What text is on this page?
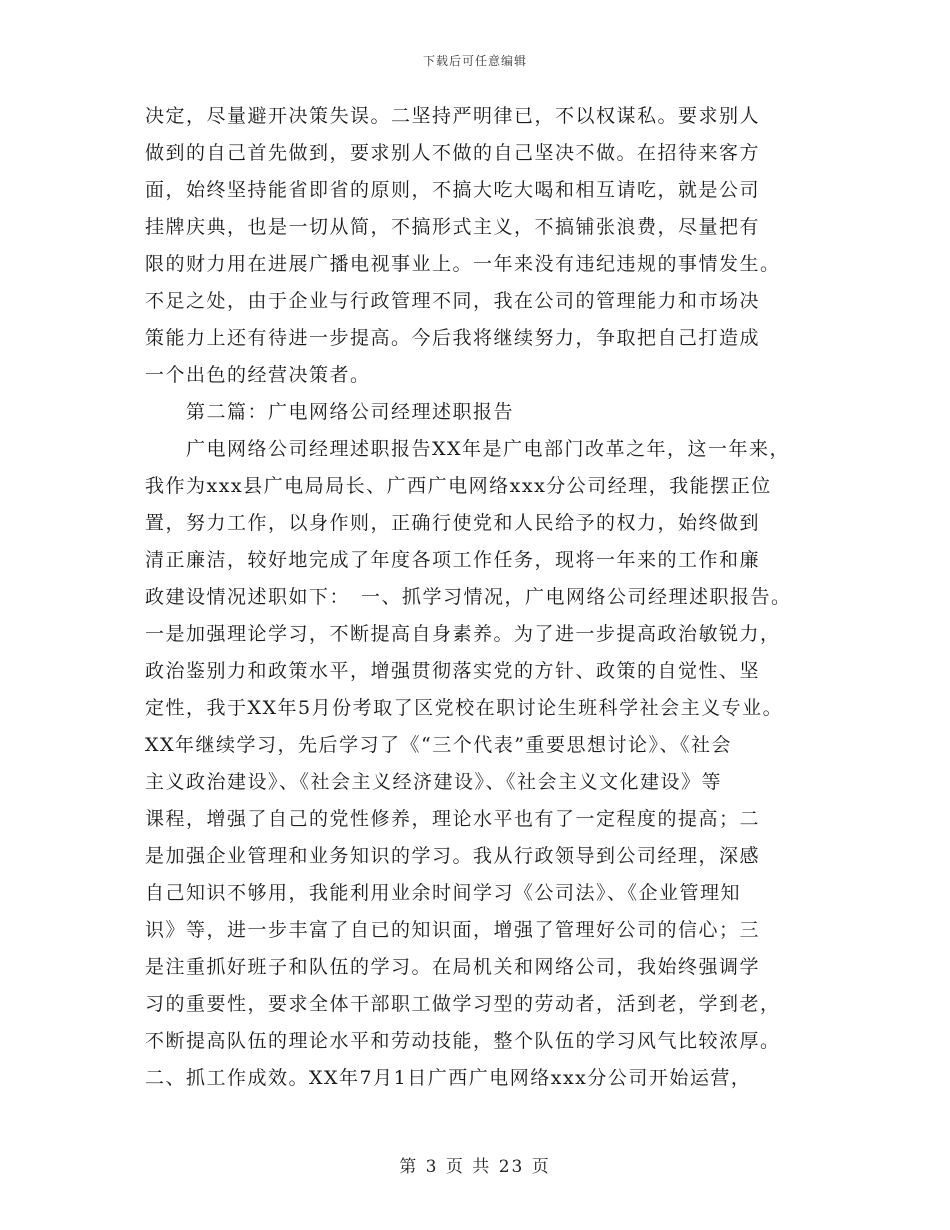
下载后可任意编辑
决定，尽量避开决策失误。二坚持严明律已，不以权谋私。要求别人
做到的自己首先做到，要求别人不做的自己坚决不做。在招待来客方
面，始终坚持能省即省的原则，不搞大吃大喝和相互请吃，就是公司
挂牌庆典，也是一切从简，不搞形式主义，不搞铺张浪费，尽量把有
限的财力用在进展广播电视事业上。一年来没有违纪违规的事情发生。
不足之处，由于企业与行政管理不同，我在公司的管理能力和市场决
策能力上还有待进一步提高。今后我将继续努力，争取把自己打造成
一个出色的经营决策者。
　　第二篇：广电网络公司经理述职报告
　　广电网络公司经理述职报告XX年是广电部门改革之年，这一年来，
我作为xxx县广电局局长、广西广电网络xxx分公司经理，我能摆正位
置，努力工作，以身作则，正确行使党和人民给予的权力，始终做到
清正廉洁，较好地完成了年度各项工作任务，现将一年来的工作和廉
政建设情况述职如下：　一、抓学习情况，广电网络公司经理述职报告。
一是加强理论学习，不断提高自身素养。为了进一步提高政治敏锐力，
政治鉴别力和政策水平，增强贯彻落实党的方针、政策的自觉性、坚
定性，我于XX年5月份考取了区党校在职讨论生班科学社会主义专业。
XX年继续学习，先后学习了《“三个代表”重要思想讨论》、《社会
主义政治建设》、《社会主义经济建设》、《社会主义文化建设》等
课程，增强了自己的党性修养，理论水平也有了一定程度的提高；二
是加强企业管理和业务知识的学习。我从行政领导到公司经理，深感
自己知识不够用，我能利用业余时间学习《公司法》、《企业管理知
识》等，进一步丰富了自已的知识面，增强了管理好公司的信心；三
是注重抓好班子和队伍的学习。在局机关和网络公司，我始终强调学
习的重要性，要求全体干部职工做学习型的劳动者，活到老，学到老，
不断提高队伍的理论水平和劳动技能，整个队伍的学习风气比较浓厚。
二、抓工作成效。XX年7月1日广西广电网络xxx分公司开始运营，
第 3 页 共 23 页
